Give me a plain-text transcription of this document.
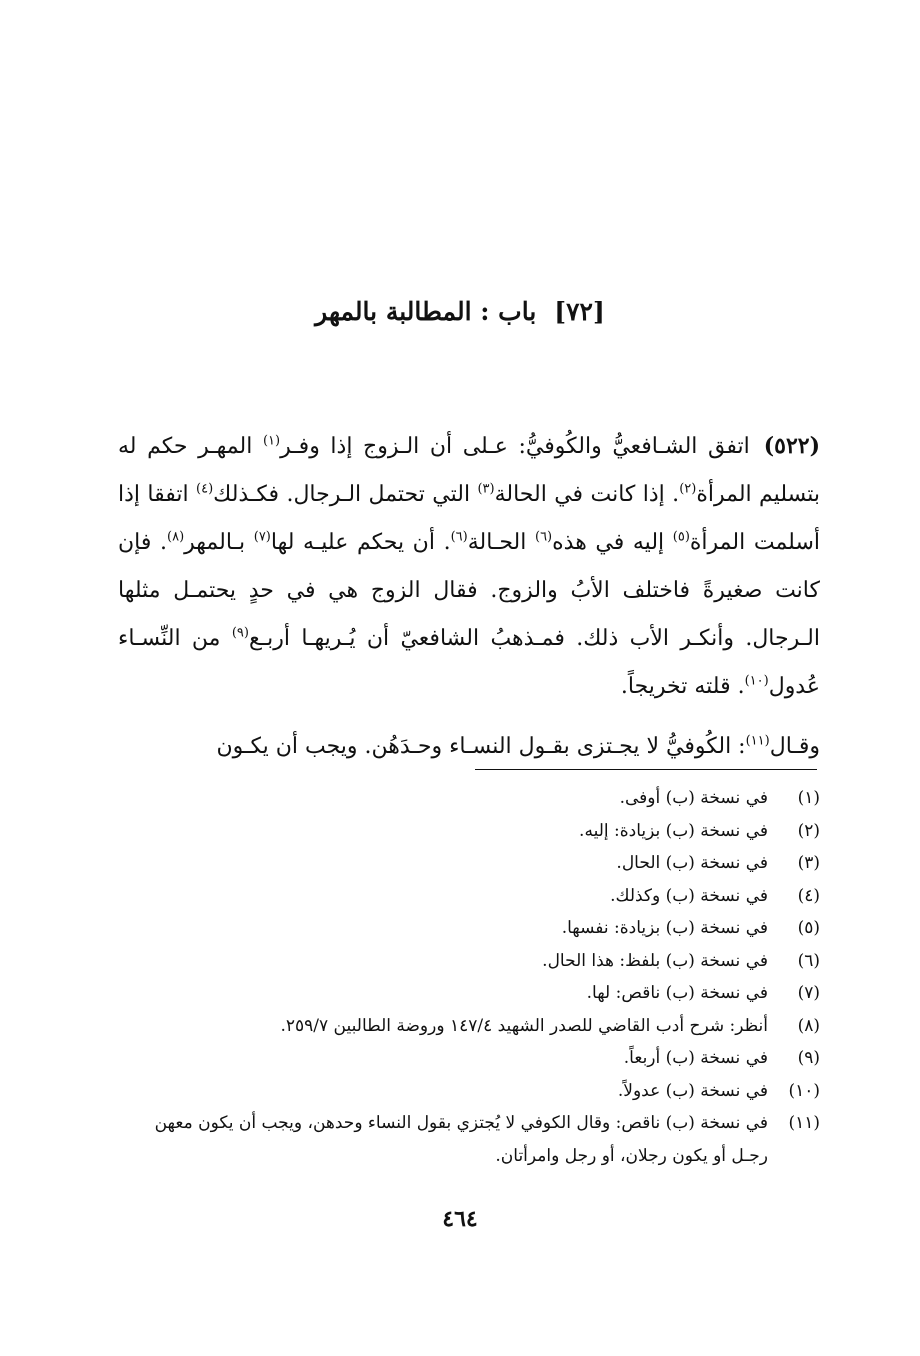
[٧٢]باب : المطالبة بالمهر

(٥٢٢)اتفق الشـافعيُّ والكُوفيُّ: عـلى أن الـزوج إذا وفـر$^{(١)}$ المهـر حكم له بتسليم المرأة$^{(٢)}$. إذا كانت في الحالة$^{(٣)}$ التي تحتمل الـرجال. فكـذلك$^{(٤)}$ اتفقا إذا أسلمت المرأة$^{(٥)}$ إليه في هذه$^{(٦)}$ الحـالة$^{(٦)}$. أن يحكم عليـه لها$^{(٧)}$ بـالمهر$^{(٨)}$. فإن كانت صغيرةً فاختلف الأبُ والزوج. فقال الزوج هي في حدٍ يحتمـل مثلها الـرجال. وأنكـر الأب ذلك. فمـذهبُ الشافعيّ أن يُـريهـا أربـع$^{(٩)}$ من النِّسـاء عُدول$^{(١٠)}$. قلته تخريجاً.

وقـال$^{(١١)}$: الكُوفيُّ لا يجـتزى بقـول النسـاء وحـدَهُن. ويجب أن يكـون

(١)
في نسخة (ب) أوفى.
(٢)
في نسخة (ب) بزيادة: إليه.
(٣)
في نسخة (ب) الحال.
(٤)
في نسخة (ب) وكذلك.
(٥)
في نسخة (ب) بزيادة: نفسها.
(٦)
في نسخة (ب) بلفظ: هذا الحال.
(٧)
في نسخة (ب) ناقص: لها.
(٨)
أنظر: شرح أدب القاضي للصدر الشهيد ١٤٧/٤ وروضة الطالبين ٢٥٩/٧.
(٩)
في نسخة (ب) أربعاً.
(١٠)
في نسخة (ب) عدولاً.
(١١)
في نسخة (ب) ناقص: وقال الكوفي لا يُجتزي بقول النساء وحدهن، ويجب أن يكون معهن رجـل أو يكون رجلان، أو رجل وامرأتان.
٤٦٤
